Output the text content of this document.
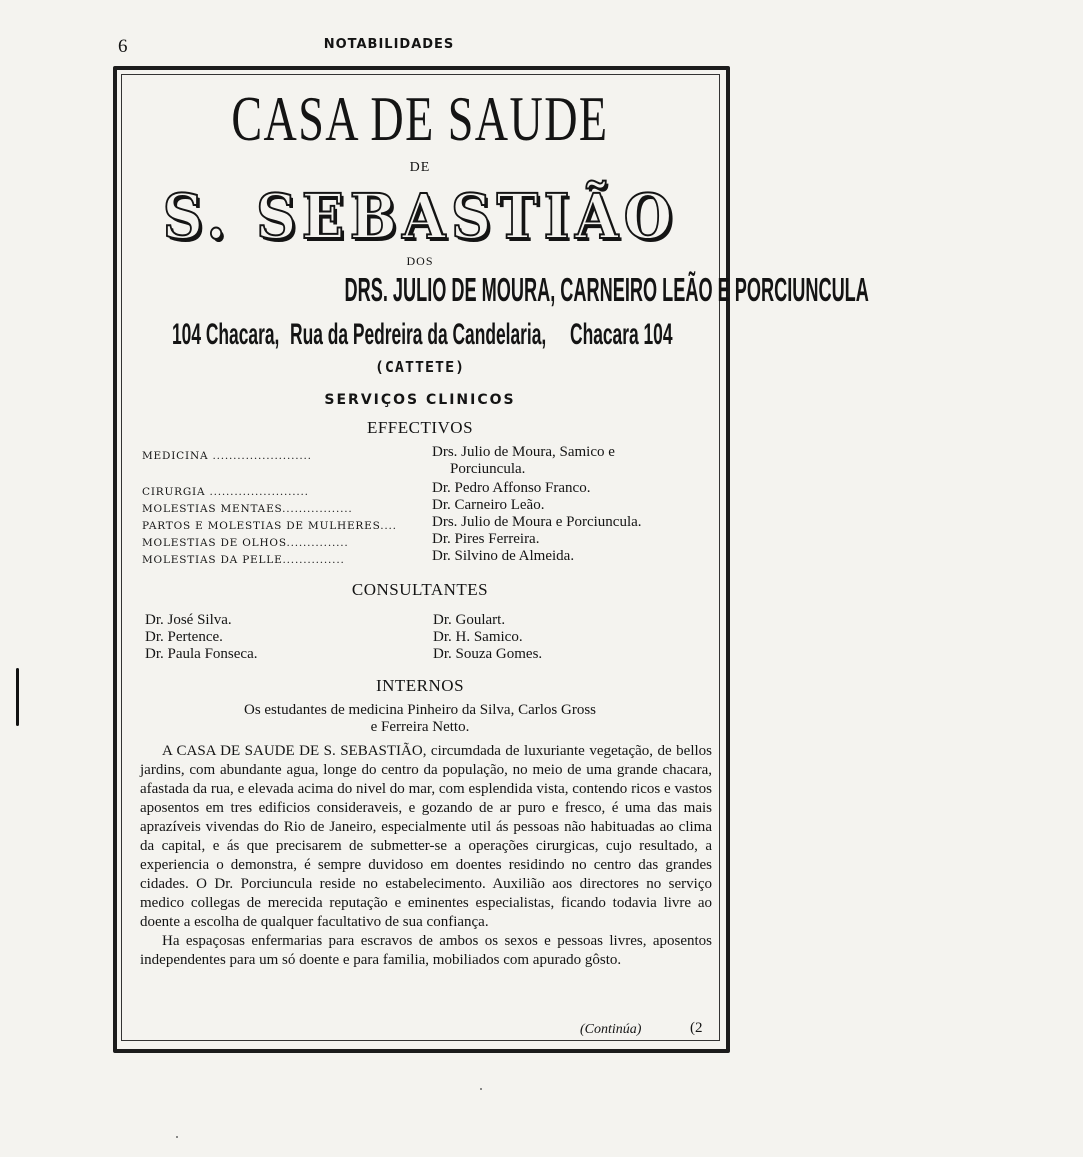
6	NOTABILIDADES
CASA DE SAUDE
DE
S. SEBASTIÃO
DOS
DRS. JULIO DE MOURA, CARNEIRO LEÃO E PORCIUNCULA
104 Chacara, Rua da Pedreira da Candelaria, Chacara 104
(CATTETE)
SERVIÇOS CLINICOS
EFFECTIVOS
MEDICINA ........................	Drs. Julio de Moura, Samico e
Porciuncula.
CIRURGIA ........................	Dr. Pedro Affonso Franco.
MOLESTIAS MENTAES.................	Dr. Carneiro Leão.
PARTOS E MOLESTIAS DE MULHERES.... Drs. Julio de Moura e Porciuncula.
MOLESTIAS DE OLHOS...............	Dr. Pires Ferreira.
MOLESTIAS DA PELLE...............	Dr. Silvino de Almeida.
CONSULTANTES
Dr. José Silva.
Dr. Pertence.
Dr. Paula Fonseca.
Dr. Goulart.
Dr. H. Samico.
Dr. Souza Gomes.
INTERNOS
Os estudantes de medicina Pinheiro da Silva, Carlos Gross
e Ferreira Netto.

A CASA DE SAUDE DE S. SEBASTIÃO, circumdada de luxuriante vegetação, de bellos jardins, com abundante agua, longe do centro da população, no meio de uma grande chacara, afastada da rua, e elevada acima do nivel do mar, com esplendida vista, contendo ricos e vastos aposentos em tres edificios consideraveis, e gozando de ar puro e fresco, é uma das mais aprazíveis vivendas do Rio de Janeiro, especialmente util ás pessoas não habituadas ao clima da capital, e ás que precisarem de submetter-se a operações cirurgicas, cujo resultado, a experiencia o demonstra, é sempre duvidoso em doentes residindo no centro das grandes cidades. O Dr. Porciuncula reside no estabelecimento. Auxilião aos directores no serviço medico collegas de merecida reputação e eminentes especialistas, ficando todavia livre ao doente a escolha de qualquer facultativo de sua confiança.

Ha espaçosas enfermarias para escravos de ambos os sexos e pessoas livres, aposentos independentes para um só doente e para familia, mobiliados com apurado gôsto.

(Continúa)	(2
